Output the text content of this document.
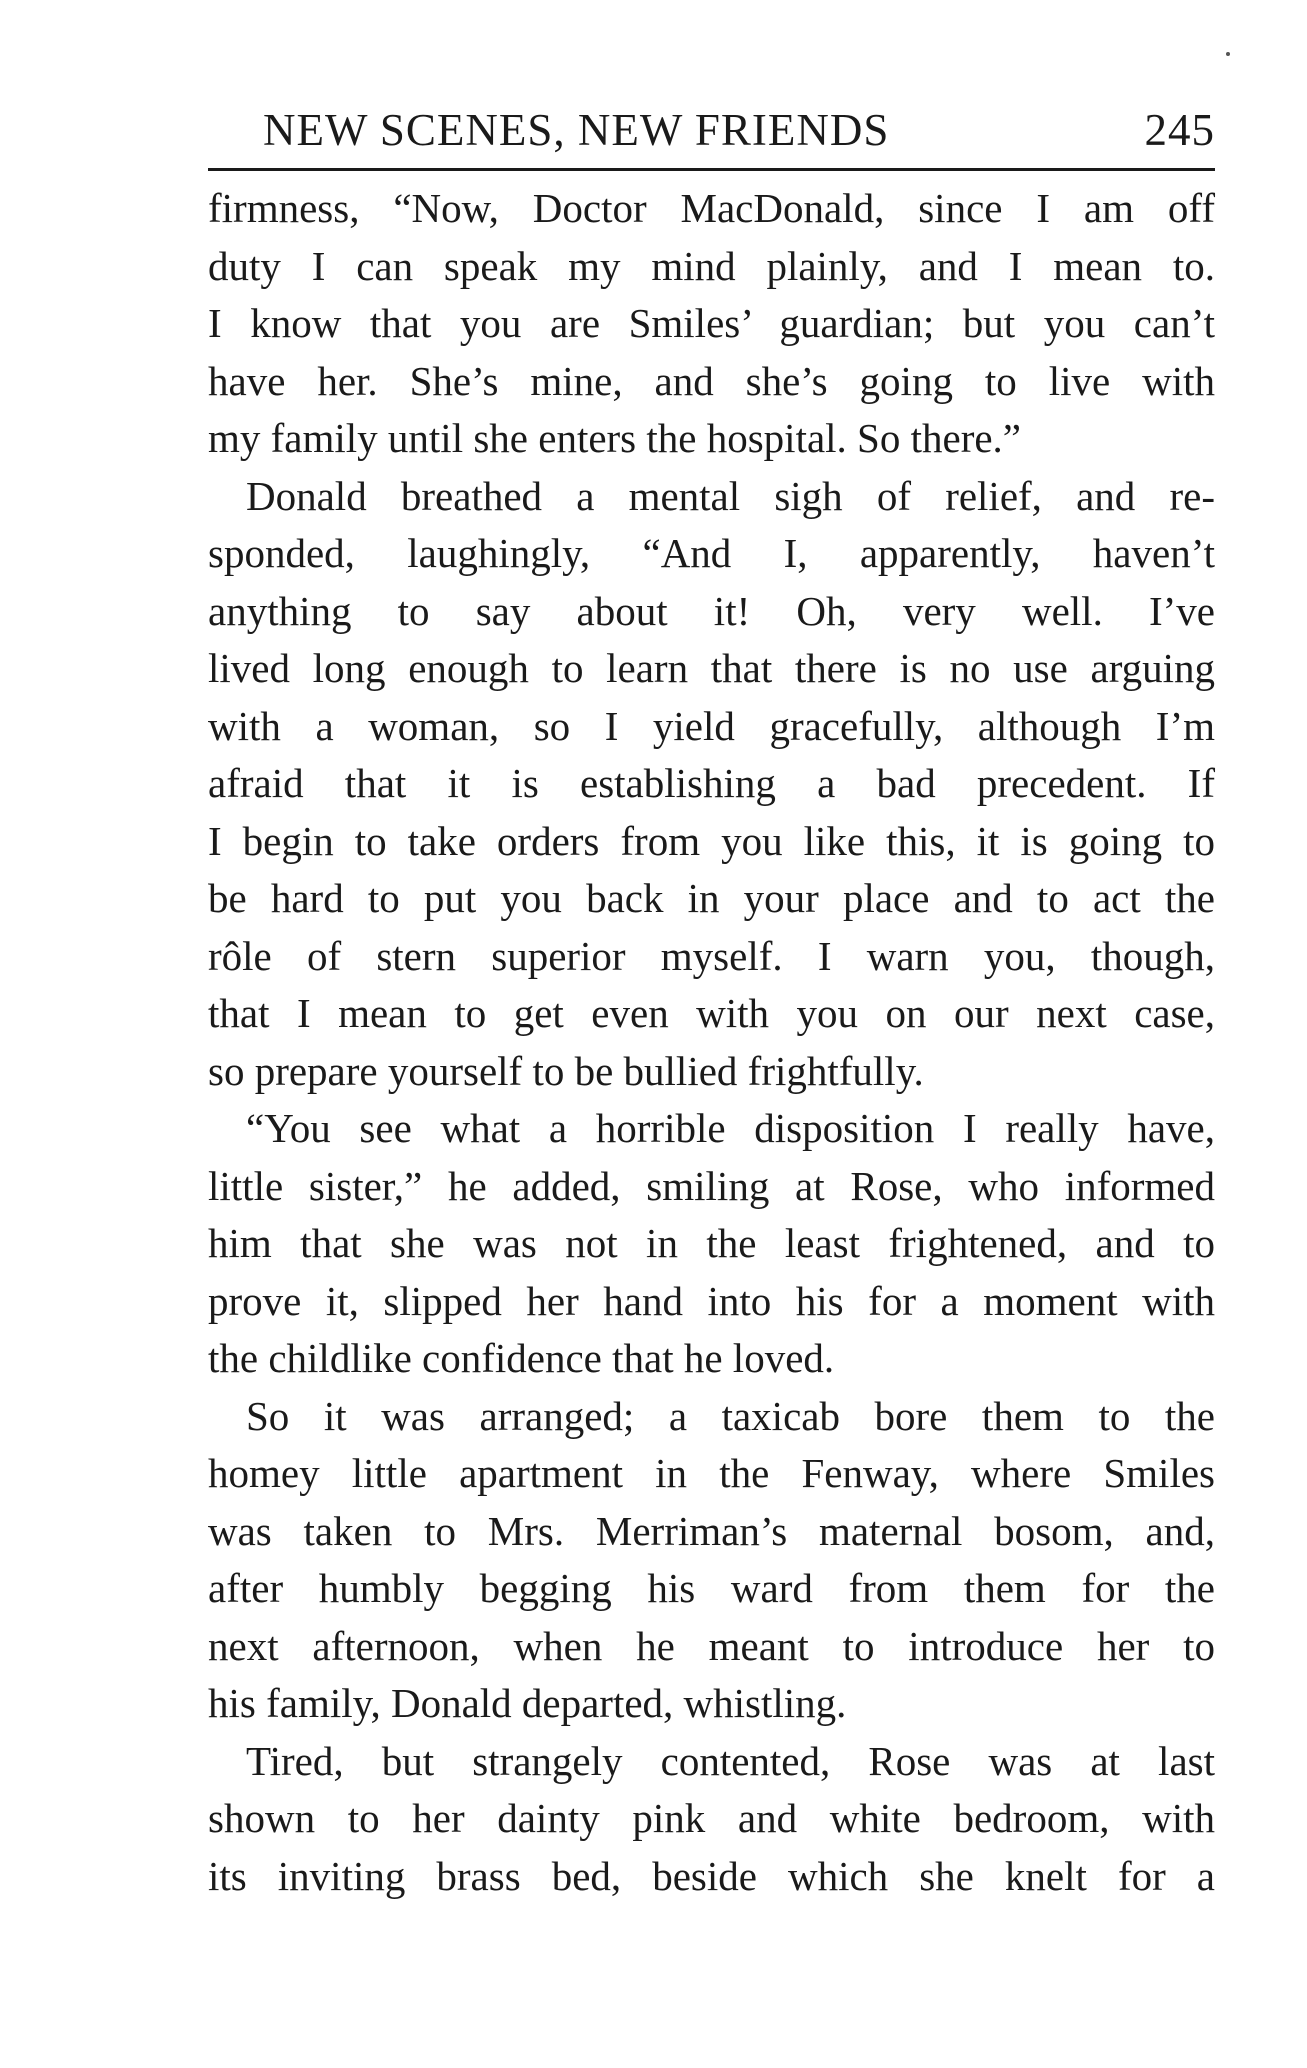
NEW SCENES, NEW FRIENDS	245
firmness, “Now, Doctor MacDonald, since I am off
duty I can speak my mind plainly, and I mean to.
I know that you are Smiles’ guardian; but you can’t
have her. She’s mine, and she’s going to live with
my family until she enters the hospital. So there.”
Donald breathed a mental sigh of relief, and re-
sponded, laughingly, “And I, apparently, haven’t
anything to say about it! Oh, very well. I’ve
lived long enough to learn that there is no use arguing
with a woman, so I yield gracefully, although I’m
afraid that it is establishing a bad precedent. If
I begin to take orders from you like this, it is going to
be hard to put you back in your place and to act the
rôle of stern superior myself. I warn you, though,
that I mean to get even with you on our next case,
so prepare yourself to be bullied frightfully.
“You see what a horrible disposition I really have,
little sister,” he added, smiling at Rose, who informed
him that she was not in the least frightened, and to
prove it, slipped her hand into his for a moment with
the childlike confidence that he loved.
So it was arranged; a taxicab bore them to the
homey little apartment in the Fenway, where Smiles
was taken to Mrs. Merriman’s maternal bosom, and,
after humbly begging his ward from them for the
next afternoon, when he meant to introduce her to
his family, Donald departed, whistling.
Tired, but strangely contented, Rose was at last
shown to her dainty pink and white bedroom, with
its inviting brass bed, beside which she knelt for a
